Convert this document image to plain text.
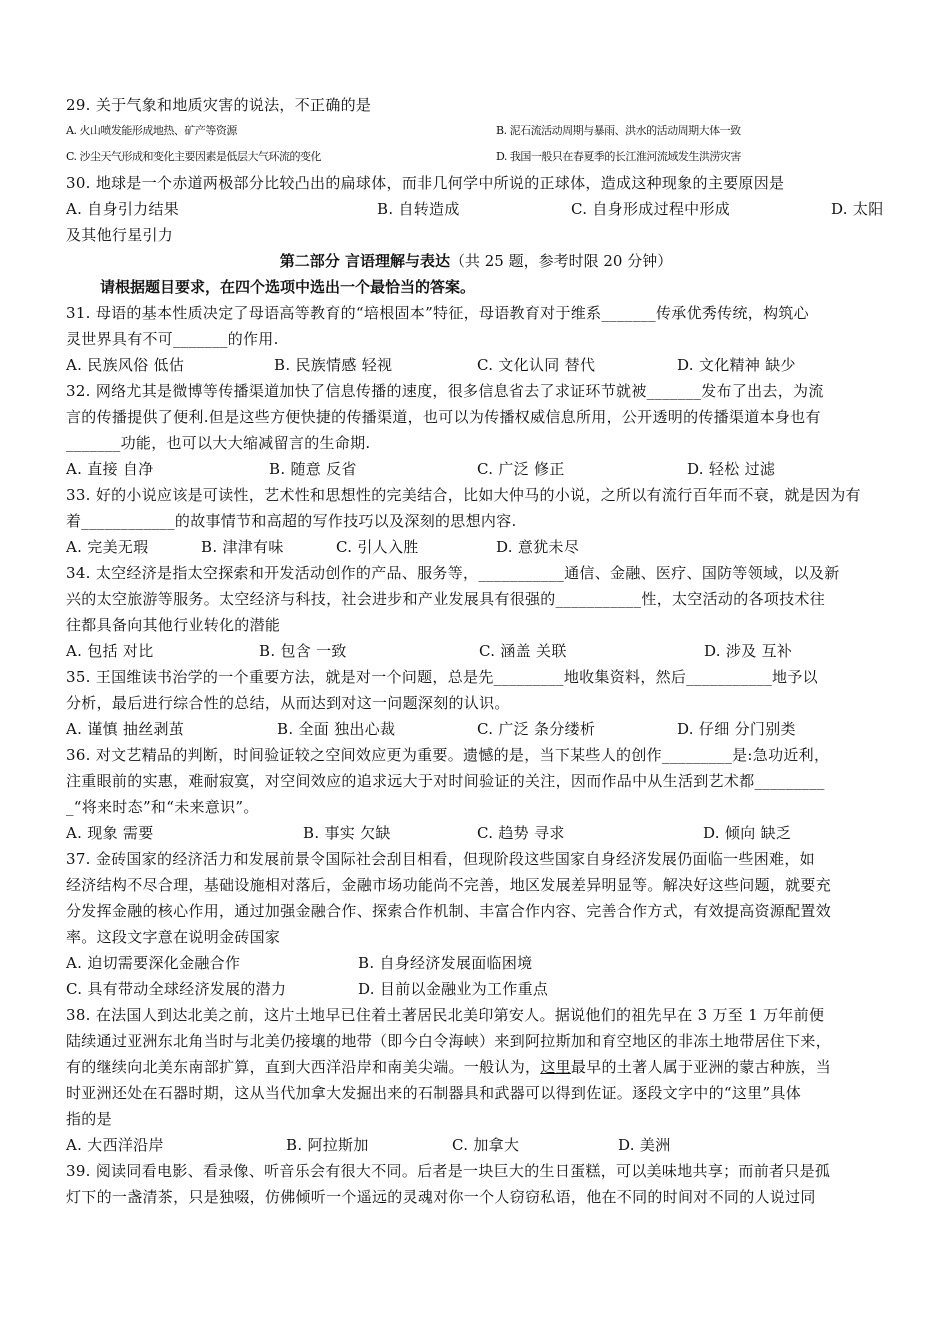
29. 关于气象和地质灾害的说法，不正确的是
A. 火山喷发能形成地热、矿产等资源	B. 泥石流活动周期与暴雨、洪水的活动周期大体一致
C. 沙尘天气形成和变化主要因素是低层大气环流的变化	D. 我国一般只在春夏季的长江淮河流域发生洪涝灾害
30. 地球是一个赤道两极部分比较凸出的扁球体，而非几何学中所说的正球体，造成这种现象的主要原因是
A. 自身引力结果	B. 自转造成	C. 自身形成过程中形成	D. 太阳
及其他行星引力
第二部分 言语理解与表达（共 25 题，参考时限 20 分钟）
请根据题目要求，在四个选项中选出一个最恰当的答案。
31. 母语的基本性质决定了母语高等教育的“培根固本”特征，母语教育对于维系_______传承优秀传统，构筑心
灵世界具有不可_______的作用.
A. 民族风俗 低估	B. 民族情感 轻视	C. 文化认同 替代	D. 文化精神 缺少
32. 网络尤其是微博等传播渠道加快了信息传播的速度，很多信息省去了求证环节就被_______发布了出去，为流
言的传播提供了便利.但是这些方便快捷的传播渠道，也可以为传播权威信息所用，公开透明的传播渠道本身也有
_______功能，也可以大大缩减留言的生命期.
A. 直接 自净	B. 随意 反省	C. 广泛 修正	D. 轻松 过滤
33. 好的小说应该是可读性，艺术性和思想性的完美结合，比如大仲马的小说，之所以有流行百年而不衰，就是因为有
着____________的故事情节和高超的写作技巧以及深刻的思想内容.
A. 完美无瑕	B. 津津有味	C. 引人入胜	D. 意犹未尽
34. 太空经济是指太空探索和开发活动创作的产品、服务等，___________通信、金融、医疗、国防等领域，以及新
兴的太空旅游等服务。太空经济与科技，社会进步和产业发展具有很强的___________性，太空活动的各项技术往
往都具备向其他行业转化的潜能
A. 包括 对比	B. 包含 一致	C. 涵盖 关联	D. 涉及 互补
35. 王国维读书治学的一个重要方法，就是对一个问题，总是先_________地收集资料，然后___________地予以
分析，最后进行综合性的总结，从而达到对这一问题深刻的认识。
A. 谨慎 抽丝剥茧	B. 全面 独出心裁	C. 广泛 条分缕析	D. 仔细 分门别类
36. 对文艺精品的判断，时间验证较之空间效应更为重要。遗憾的是，当下某些人的创作_________是:急功近利，
注重眼前的实惠，难耐寂寞，对空间效应的追求远大于对时间验证的关注，因而作品中从生活到艺术都_________
_“将来时态”和“未来意识”。
A. 现象 需要	B. 事实 欠缺	C. 趋势 寻求	D. 倾向 缺乏
37. 金砖国家的经济活力和发展前景令国际社会刮目相看，但现阶段这些国家自身经济发展仍面临一些困难，如
经济结构不尽合理，基础设施相对落后，金融市场功能尚不完善，地区发展差异明显等。解决好这些问题，就要充
分发挥金融的核心作用，通过加强金融合作、探索合作机制、丰富合作内容、完善合作方式，有效提高资源配置效
率。这段文字意在说明金砖国家
A. 迫切需要深化金融合作	B. 自身经济发展面临困境
C. 具有带动全球经济发展的潜力	D. 目前以金融业为工作重点
38. 在法国人到达北美之前，这片土地早已住着土著居民北美印第安人。据说他们的祖先早在 3 万至 1 万年前便
陆续通过亚洲东北角当时与北美仍接壤的地带（即今白令海峡）来到阿拉斯加和育空地区的非冻土地带居住下来，
有的继续向北美东南部扩算，直到大西洋沿岸和南美尖端。一般认为，这里最早的土著人属于亚洲的蒙古种族，当
时亚洲还处在石器时期，这从当代加拿大发掘出来的石制器具和武器可以得到佐证。逐段文字中的“这里”具体
指的是
A. 大西洋沿岸	B. 阿拉斯加	C. 加拿大	D. 美洲
39. 阅读同看电影、看录像、听音乐会有很大不同。后者是一块巨大的生日蛋糕，可以美味地共享；而前者只是孤
灯下的一盏清茶，只是独啜，仿佛倾听一个遥远的灵魂对你一个人窃窃私语，他在不同的时间对不同的人说过同
